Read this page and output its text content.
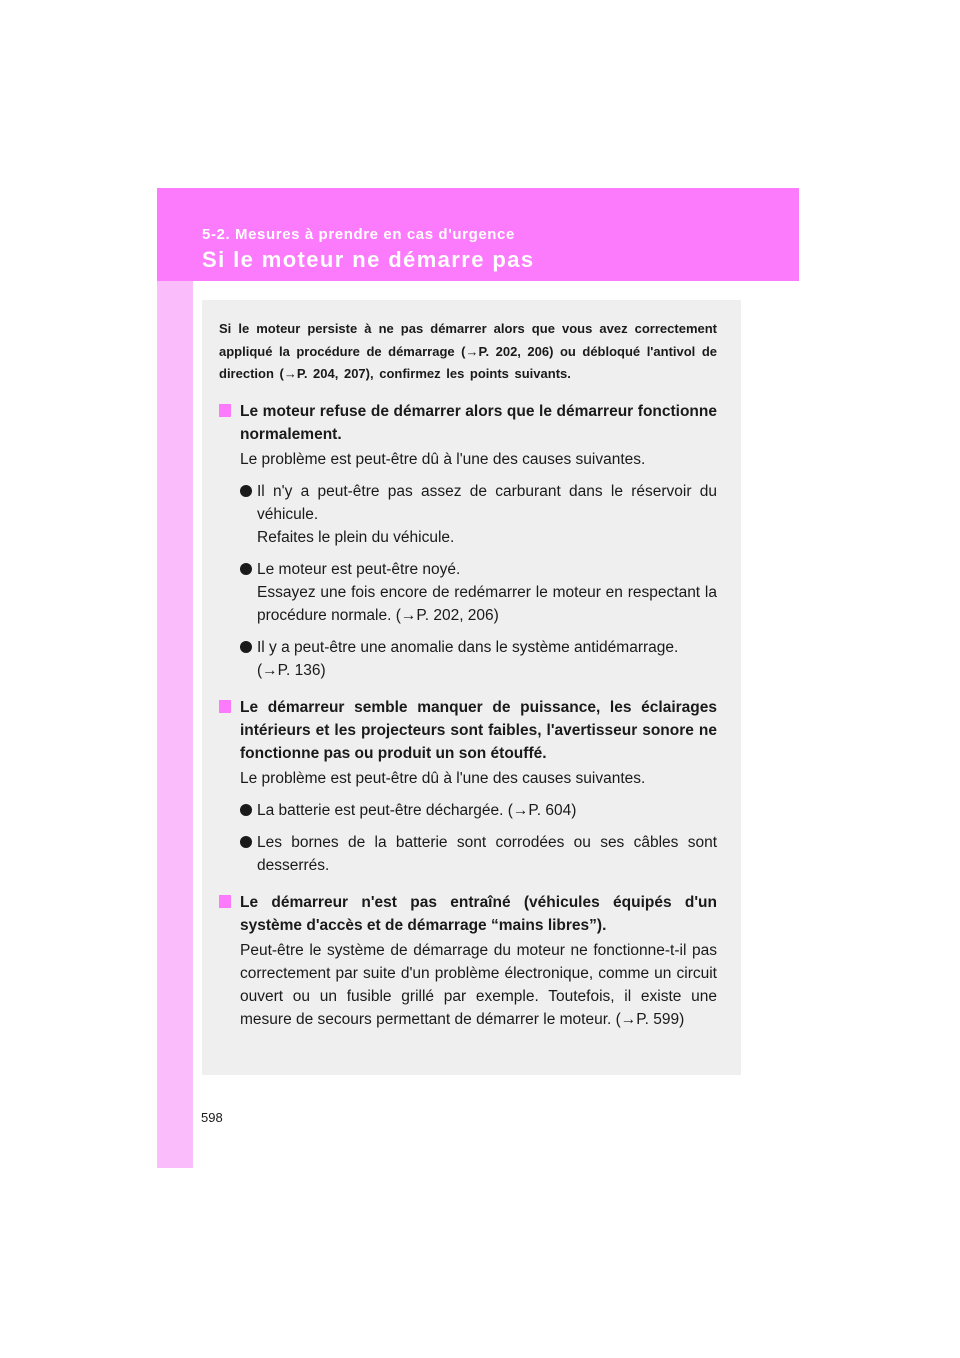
5-2. Mesures à prendre en cas d'urgence
Si le moteur ne démarre pas

Si le moteur persiste à ne pas démarrer alors que vous avez correctement appliqué la procédure de démarrage (→P. 202, 206) ou débloqué l'antivol de direction (→P. 204, 207), confirmez les points suivants.

Le moteur refuse de démarrer alors que le démarreur fonctionne normalement.
Le problème est peut-être dû à l'une des causes suivantes.
Il n'y a peut-être pas assez de carburant dans le réservoir du véhicule.
Refaites le plein du véhicule.
Le moteur est peut-être noyé.
Essayez une fois encore de redémarrer le moteur en respectant la procédure normale. (→P. 202, 206)
Il y a peut-être une anomalie dans le système antidémarrage.
(→P. 136)
Le démarreur semble manquer de puissance, les éclairages intérieurs et les projecteurs sont faibles, l'avertisseur sonore ne fonctionne pas ou produit un son étouffé.
Le problème est peut-être dû à l'une des causes suivantes.
La batterie est peut-être déchargée. (→P. 604)
Les bornes de la batterie sont corrodées ou ses câbles sont desserrés.
Le démarreur n'est pas entraîné (véhicules équipés d'un système d'accès et de démarrage “mains libres”).
Peut-être le système de démarrage du moteur ne fonctionne-t-il pas correctement par suite d'un problème électronique, comme un circuit ouvert ou un fusible grillé par exemple. Toutefois, il existe une mesure de secours permettant de démarrer le moteur. (→P. 599)
598
